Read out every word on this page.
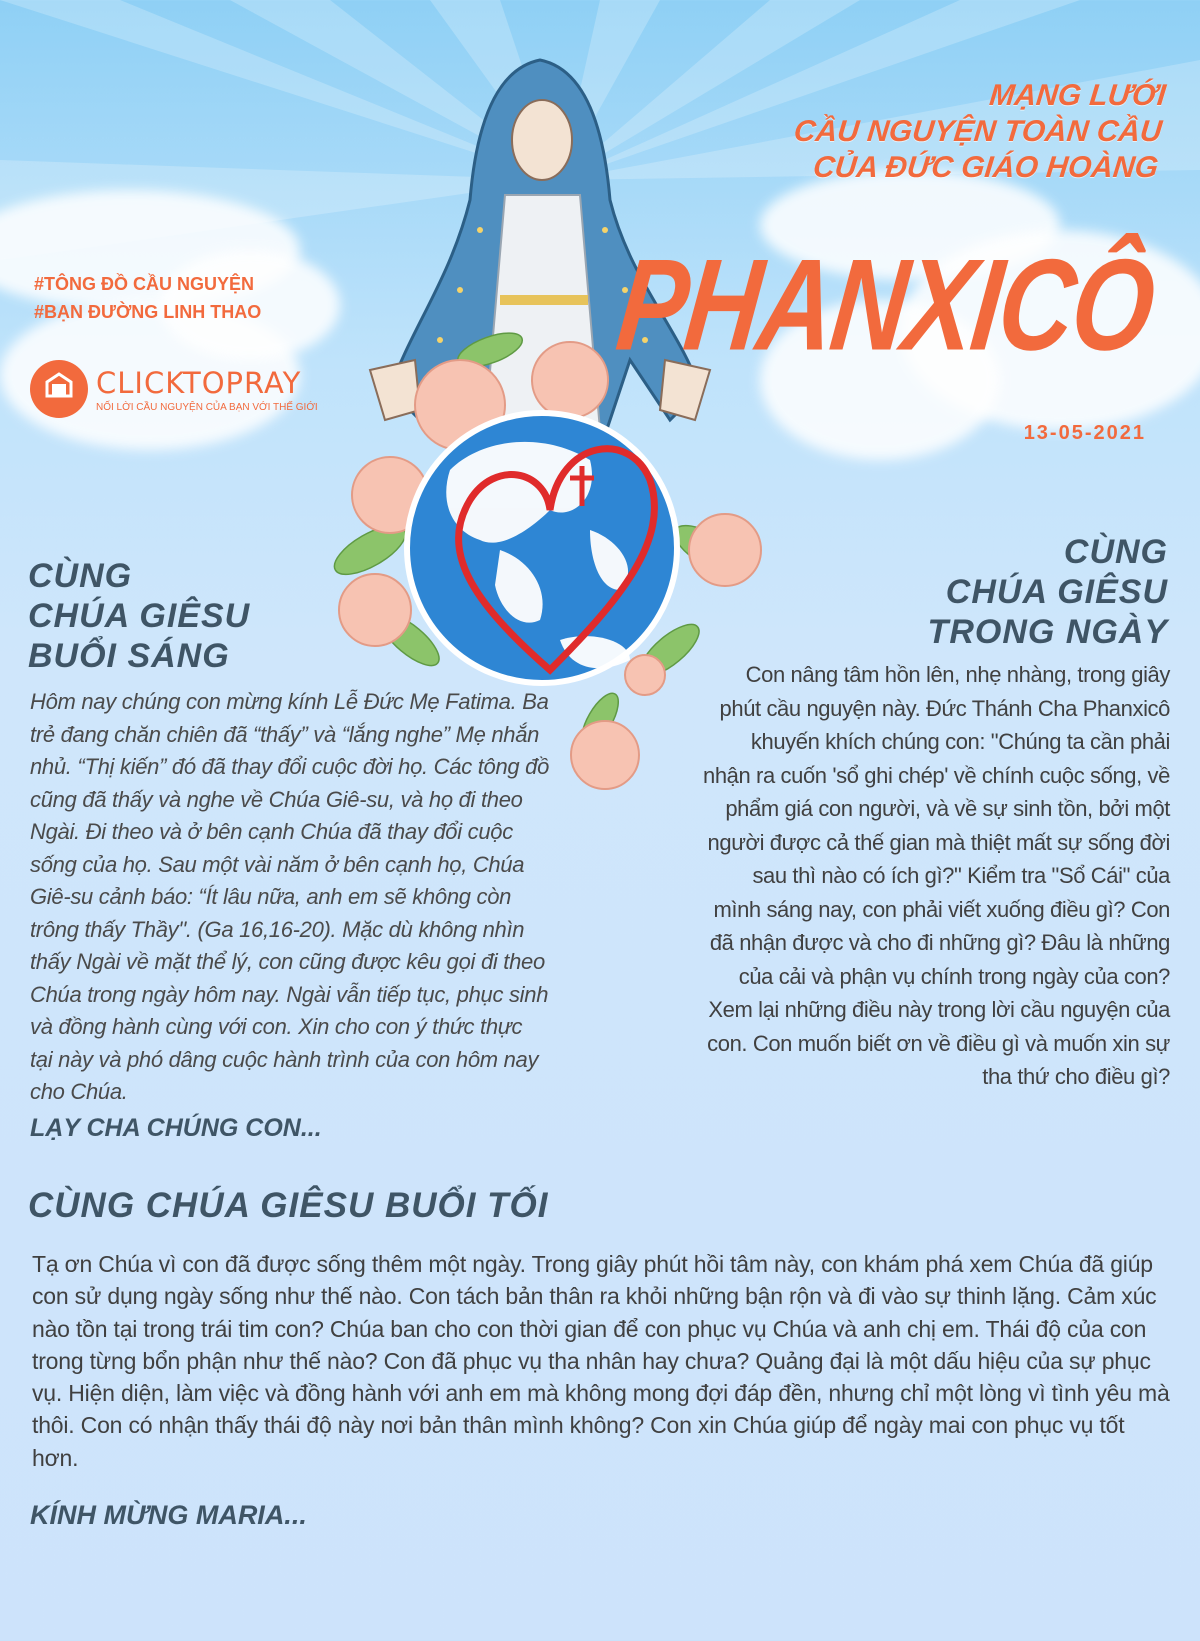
#TÔNG ĐỒ CẦU NGUYỆN
#BẠN ĐƯỜNG LINH THAO
CLICKTOPRAY
NỐI LỜI CẦU NGUYỆN CỦA BẠN VỚI THẾ GIỚI
MẠNG LƯỚI
CẦU NGUYỆN TOÀN CẦU
CỦA ĐỨC GIÁO HOÀNG
PHANXICÔ
13-05-2021
CÙNG
CHÚA GIÊSU
BUỔI SÁNG
Hôm nay chúng con mừng kính Lễ Đức Mẹ Fatima. Ba trẻ đang chăn chiên đã “thấy” và “lắng nghe” Mẹ nhắn nhủ. “Thị kiến” đó đã thay đổi cuộc đời họ. Các tông đồ cũng đã thấy và nghe về Chúa Giê-su, và họ đi theo Ngài. Đi theo và ở bên cạnh Chúa đã thay đổi cuộc sống của họ. Sau một vài năm ở bên cạnh họ, Chúa Giê-su cảnh báo: “Ít lâu nữa, anh em sẽ không còn trông thấy Thầy". (Ga 16,16-20). Mặc dù không nhìn thấy Ngài về mặt thể lý, con cũng được kêu gọi đi theo Chúa trong ngày hôm nay. Ngài vẫn tiếp tục, phục sinh và đồng hành cùng với con. Xin cho con ý thức thực tại này và phó dâng cuộc hành trình của con hôm nay cho Chúa.
LẠY CHA CHÚNG CON...
CÙNG
CHÚA GIÊSU
TRONG NGÀY
Con nâng tâm hồn lên, nhẹ nhàng, trong giây phút cầu nguyện này. Đức Thánh Cha Phanxicô khuyến khích chúng con: "Chúng ta cần phải nhận ra cuốn 'sổ ghi chép' về chính cuộc sống, về phẩm giá con người, và về sự sinh tồn, bởi một người được cả thế gian mà thiệt mất sự sống đời sau thì nào có ích gì?" Kiểm tra "Sổ Cái" của mình sáng nay, con phải viết xuống điều gì? Con đã nhận được và cho đi những gì? Đâu là những của cải và phận vụ chính trong ngày của con? Xem lại những điều này trong lời cầu nguyện của con. Con muốn biết ơn về điều gì và muốn xin sự tha thứ cho điều gì?
CÙNG CHÚA GIÊSU BUỔI TỐI
Tạ ơn Chúa vì con đã được sống thêm một ngày. Trong giây phút hồi tâm này, con khám phá xem Chúa đã giúp con sử dụng ngày sống như thế nào. Con tách bản thân ra khỏi những bận rộn và đi vào sự thinh lặng. Cảm xúc nào tồn tại trong trái tim con? Chúa ban cho con thời gian để con phục vụ Chúa và anh chị em. Thái độ của con trong từng bổn phận như thế nào? Con đã phục vụ tha nhân hay chưa? Quảng đại là một dấu hiệu của sự phục vụ. Hiện diện, làm việc và đồng hành với anh em mà không mong đợi đáp đền, nhưng chỉ một lòng vì tình yêu mà thôi. Con có nhận thấy thái độ này nơi bản thân mình không? Con xin Chúa giúp để ngày mai con phục vụ tốt hơn.
KÍNH MỪNG MARIA...
